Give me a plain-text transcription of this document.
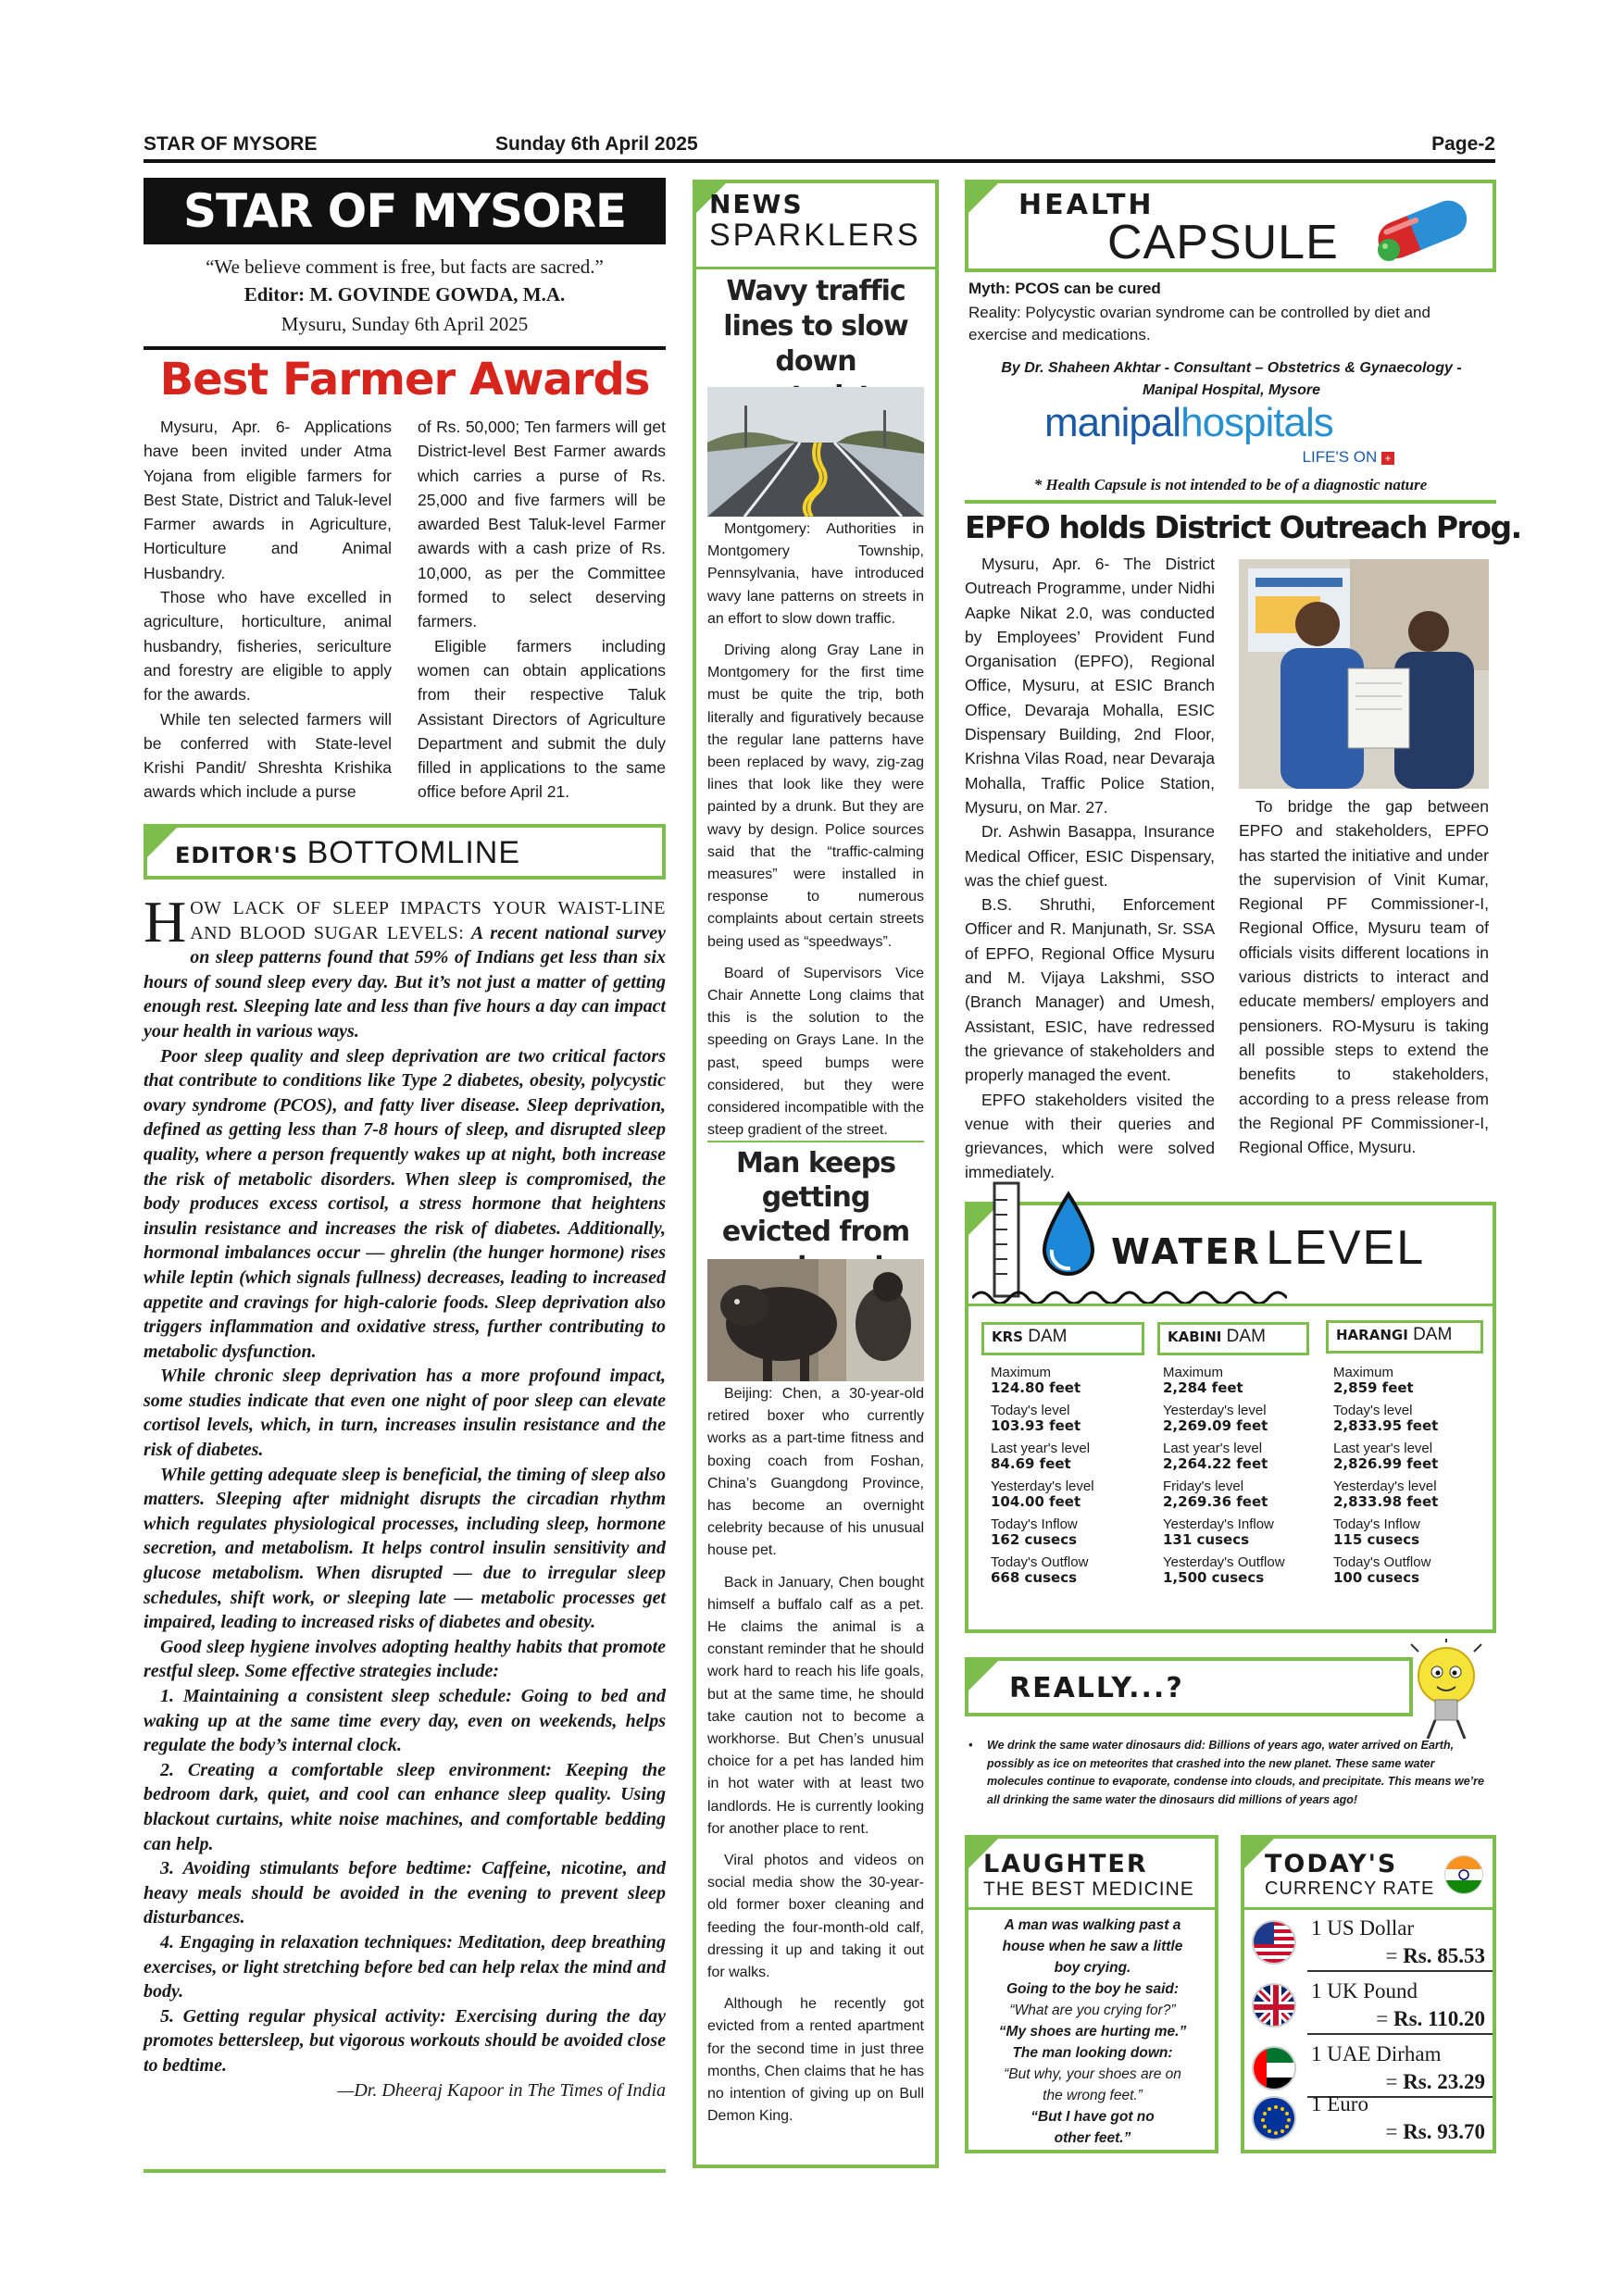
STAR OF MYSORE	Sunday 6th April 2025	Page-2
STAR OF MYSORE
“We believe comment is free, but facts are sacred.”
Editor: M. GOVINDE GOWDA, M.A.
Mysuru, Sunday 6th April 2025
Best Farmer Awards

Mysuru, Apr. 6- Applications have been invited under Atma Yojana from eligible farmers for Best State, District and Taluk-level Farmer awards in Agriculture, Horticulture and Animal Husbandry.

Those who have excelled in agriculture, horticulture, animal husbandry, fisheries, sericulture and forestry are eligible to apply for the awards.

While ten selected farmers will be conferred with State-level Krishi Pandit/ Shreshta Krishika awards which include a purse

of Rs. 50,000; Ten farmers will get District-level Best Farmer awards which carries a purse of Rs. 25,000 and five farmers will be awarded Best Taluk-level Farmer awards with a cash prize of Rs. 10,000, as per the Committee formed to select deserving farmers.

Eligible farmers including women can obtain applications from their respective Taluk Assistant Directors of Agriculture Department and submit the duly filled in applications to the same office before April 21.

EDITOR'S BOTTOMLINE

HOW LACK OF SLEEP IMPACTS YOUR WAIST-LINE AND BLOOD SUGAR LEVELS: A recent national survey on sleep patterns found that 59% of Indians get less than six hours of sound sleep every day. But it’s not just a matter of getting enough rest. Sleeping late and less than five hours a day can impact your health in various ways.

Poor sleep quality and sleep deprivation are two critical factors that contribute to conditions like Type 2 diabetes, obesity, polycystic ovary syndrome (PCOS), and fatty liver disease. Sleep deprivation, defined as getting less than 7-8 hours of sleep, and disrupted sleep quality, where a person frequently wakes up at night, both increase the risk of metabolic disorders. When sleep is compromised, the body produces excess cortisol, a stress hormone that heightens insulin resistance and increases the risk of diabetes. Additionally, hormonal imbalances occur — ghrelin (the hunger hormone) rises while leptin (which signals fullness) decreases, leading to increased appetite and cravings for high-calorie foods. Sleep deprivation also triggers inflammation and oxidative stress, further contributing to metabolic dysfunction.

While chronic sleep deprivation has a more profound impact, some studies indicate that even one night of poor sleep can elevate cortisol levels, which, in turn, increases insulin resistance and the risk of diabetes.

While getting adequate sleep is beneficial, the timing of sleep also matters. Sleeping after midnight disrupts the circadian rhythm which regulates physiological processes, including sleep, hormone secretion, and metabolism. It helps control insulin sensitivity and glucose metabolism. When disrupted — due to irregular sleep schedules, shift work, or sleeping late — metabolic processes get impaired, leading to increased risks of diabetes and obesity.

Good sleep hygiene involves adopting healthy habits that promote restful sleep. Some effective strategies include:

1. Maintaining a consistent sleep schedule: Going to bed and waking up at the same time every day, even on weekends, helps regulate the body’s internal clock.

2. Creating a comfortable sleep environment: Keeping the bedroom dark, quiet, and cool can enhance sleep quality. Using blackout curtains, white noise machines, and comfortable bedding can help.

3. Avoiding stimulants before bedtime: Caffeine, nicotine, and heavy meals should be avoided in the evening to prevent sleep disturbances.

4. Engaging in relaxation techniques: Meditation, deep breathing exercises, or light stretching before bed can help relax the mind and body.

5. Getting regular physical activity: Exercising during the day promotes bettersleep, but vigorous workouts should be avoided close to bedtime.

—Dr. Dheeraj Kapoor in The Times of India

NEWS
SPARKLERS
Wavy traffic lines to slow down

Montgomery: Authorities in Montgomery Township, Pennsylvania, have introduced wavy lane patterns on streets in an effort to slow down traffic.

Driving along Gray Lane in Montgomery for the first time must be quite the trip, both literally and figuratively because the regular lane patterns have been replaced by wavy, zig-zag lines that look like they were painted by a drunk. But they are wavy by design. Police sources said that the “traffic-calming measures” were installed in response to numerous complaints about certain streets being used as “speedways”.

Board of Supervisors Vice Chair Annette Long claims that this is the solution to the speeding on Grays Lane. In the past, speed bumps were considered, but they were considered incompatible with the steep gradient of the street.

Man keeps getting evicted from

Beijing: Chen, a 30-year-old retired boxer who currently works as a part-time fitness and boxing coach from Foshan, China’s Guangdong Province, has become an overnight celebrity because of his unusual house pet.

Back in January, Chen bought himself a buffalo calf as a pet. He claims the animal is a constant reminder that he should work hard to reach his life goals, but at the same time, he should take caution not to become a workhorse. But Chen’s unusual choice for a pet has landed him in hot water with at least two landlords. He is currently looking for another place to rent.

Viral photos and videos on social media show the 30-year-old former boxer cleaning and feeding the four-month-old calf, dressing it up and taking it out for walks.

Although he recently got evicted from a rented apartment for the second time in just three months, Chen claims that he has no intention of giving up on Bull Demon King.

HEALTH
CAPSULE
Myth: PCOS can be cured
Reality: Polycystic ovarian syndrome can be controlled by diet and exercise and medications.
By Dr. Shaheen Akhtar - Consultant – Obstetrics & Gynaecology - Manipal Hospital, Mysore
manipalhospitals
LIFE'S ON +
* Health Capsule is not intended to be of a diagnostic nature
EPFO holds District Outreach Prog.

Mysuru, Apr. 6- The District Outreach Programme, under Nidhi Aapke Nikat 2.0, was conducted by Employees’ Provident Fund Organisation (EPFO), Regional Office, Mysuru, at ESIC Branch Office, Devaraja Mohalla, ESIC Dispensary Building, 2nd Floor, Krishna Vilas Road, near Devaraja Mohalla, Traffic Police Station, Mysuru, on Mar. 27.

Dr. Ashwin Basappa, Insurance Medical Officer, ESIC Dispensary, was the chief guest.

B.S. Shruthi, Enforcement Officer and R. Manjunath, Sr. SSA of EPFO, Regional Office Mysuru and M. Vijaya Lakshmi, SSO (Branch Manager) and Umesh, Assistant, ESIC, have redressed the grievance of stakeholders and properly managed the event.

EPFO stakeholders visited the venue with their queries and grievances, which were solved immediately.

To bridge the gap between EPFO and stakeholders, EPFO has started the initiative and under the supervision of Vinit Kumar, Regional PF Commissioner-I, Regional Office, Mysuru team of officials visits different locations in various districts to interact and educate members/ employers and pensioners. RO-Mysuru is taking all possible steps to extend the benefits to stakeholders, according to a press release from the Regional PF Commissioner-I, Regional Office, Mysuru.

WATER LEVEL
KRS DAM
Maximum
124.80 feet
Today's level
103.93 feet
Last year's level
84.69 feet
Yesterday's level
104.00 feet
Today's Inflow
162 cusecs
Today's Outflow
668 cusecs
KABINI DAM
Maximum
2,284 feet
Yesterday's level
2,269.09 feet
Last year's level
2,264.22 feet
Friday's level
2,269.36 feet
Yesterday's Inflow
131 cusecs
Yesterday's Outflow
1,500 cusecs
HARANGI DAM
Maximum
2,859 feet
Today's level
2,833.95 feet
Last year's level
2,826.99 feet
Yesterday's level
2,833.98 feet
Today's Inflow
115 cusecs
Today's Outflow
100 cusecs
REALLY...?
• We drink the same water dinosaurs did: Billions of years ago, water arrived on Earth, possibly as ice on meteorites that crashed into the new planet. These same water molecules continue to evaporate, condense into clouds, and precipitate. This means we’re all drinking the same water the dinosaurs did millions of years ago!
LAUGHTER
THE BEST MEDICINE
A man was walking past a house when he saw a little boy crying.
Going to the boy he said:
“What are you crying for?”
“My shoes are hurting me.”
The man looking down:
“But why, your shoes are on the wrong feet.”
“But I have got no other feet.”
TODAY'S
CURRENCY RATE
1 US Dollar
= Rs. 85.53
1 UK Pound
= Rs. 110.20
1 UAE Dirham
= Rs. 23.29
1 Euro
= Rs. 93.70
